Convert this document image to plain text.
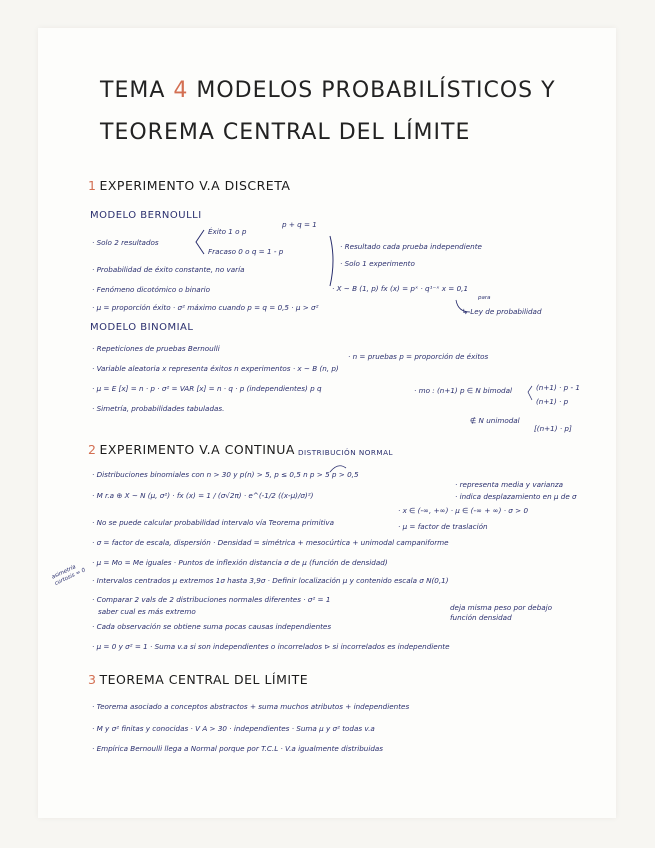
TEMA 4 MODELOS PROBABILÍSTICOS Y
TEOREMA CENTRAL DEL LÍMITE
1 EXPERIMENTO V.A DISCRETA
MODELO BERNOULLI
· Solo 2 resultados
Éxito 1 o p
Fracaso 0 o q = 1 - p
p + q = 1
· Resultado cada prueba independiente
· Solo 1 experimento
· X ~ B (1, p) fx (x) = pˣ · q¹⁻ˣ x = 0,1
para
↳ Ley de probabilidad
· Probabilidad de éxito constante, no varía
· Fenómeno dicotómico o binario
· μ = proporción éxito · σ² máximo cuando p = q = 0,5 · μ > σ²
MODELO BINOMIAL
· Repeticiones de pruebas Bernoulli
· n = pruebas p = proporción de éxitos
· Variable aleatoria x representa éxitos n experimentos · x ~ B (n, p)
· μ = E [x] = n · p · σ² = VAR [x] = n · q · p (independientes) p q	· mo : (n+1) p ∈ N bimodal	(n+1) · p - 1
(n+1) · p
· Simetría, probabilidades tabuladas.
∉ N unimodal
[(n+1) · p]
2 EXPERIMENTO V.A CONTINUA DISTRIBUCIÓN NORMAL
· Distribuciones binomiales con n > 30 y p(n) > 5, p ≤ 0,5 n p > 5 p > 0,5
· representa media y varianza
· M r.a ⊕ X ~ N (μ, σ²) · fx (x) = 1 / (σ√2π) · e^(-1/2 ((x-μ)/σ)²)	· indica desplazamiento en μ de σ
· x ∈ (-∞, +∞) · μ ∈ (-∞ + ∞) · σ > 0
· No se puede calcular probabilidad intervalo vía Teorema primitiva	· μ = factor de traslación
· σ = factor de escala, dispersión · Densidad = simétrica + mesocúrtica + unimodal campaniforme
· μ = Mo = Me iguales · Puntos de inflexión distancia σ de μ (función de densidad)
asimetría curtosis = 0 · Intervalos centrados μ extremos 1σ hasta 3,9σ · Definir localización μ y contenido escala σ N(0,1)
· Comparar 2 vals de 2 distribuciones normales diferentes · σ² = 1
deja misma peso por debajo función densidad
saber cual es más extremo
· Cada observación se obtiene suma pocas causas independientes
· μ = 0 y σ² = 1 · Suma v.a si son independientes o incorrelados ⊳ si incorrelados es independiente
3 TEOREMA CENTRAL DEL LÍMITE
· Teorema asociado a conceptos abstractos + suma muchos atributos + independientes
· M y σ² finitas y conocidas · V A > 30 · independientes · Suma μ y σ² todas v.a
· Empírica Bernoulli llega a Normal porque por T.C.L · V.a igualmente distribuidas
